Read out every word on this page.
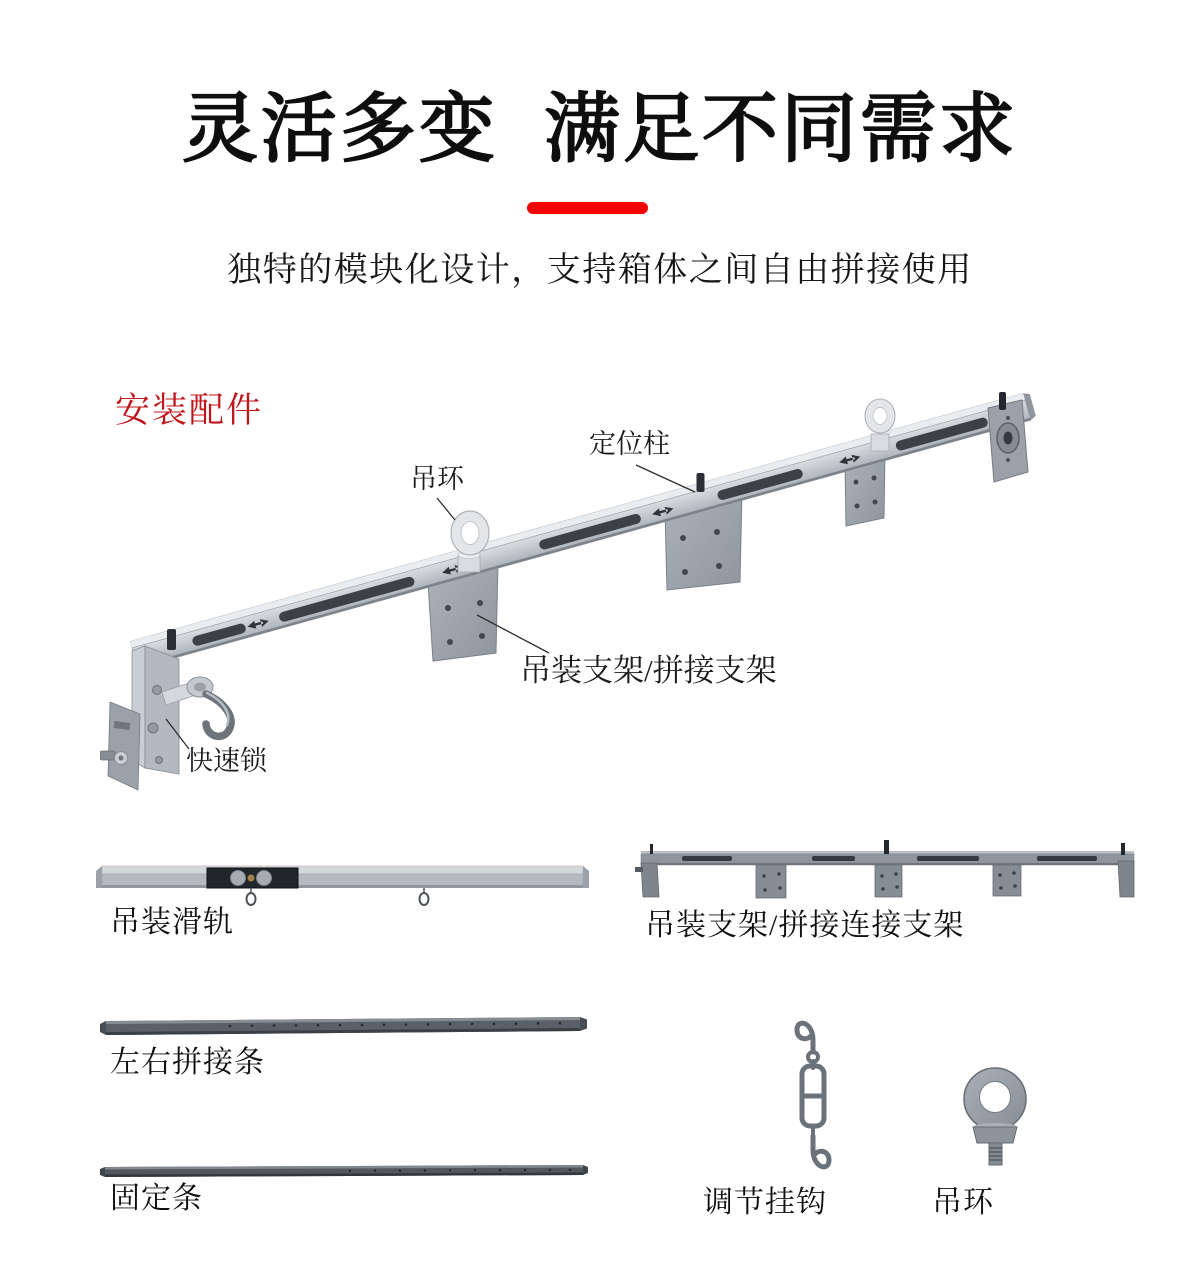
灵活多变 满足不同需求
独特的模块化设计，支持箱体之间自由拼接使用
安装配件
吊环
定位柱
吊装支架/拼接支架
快速锁
吊装滑轨	吊装支架/拼接连接支架
左右拼接条
固定条	调节挂钩	吊环
